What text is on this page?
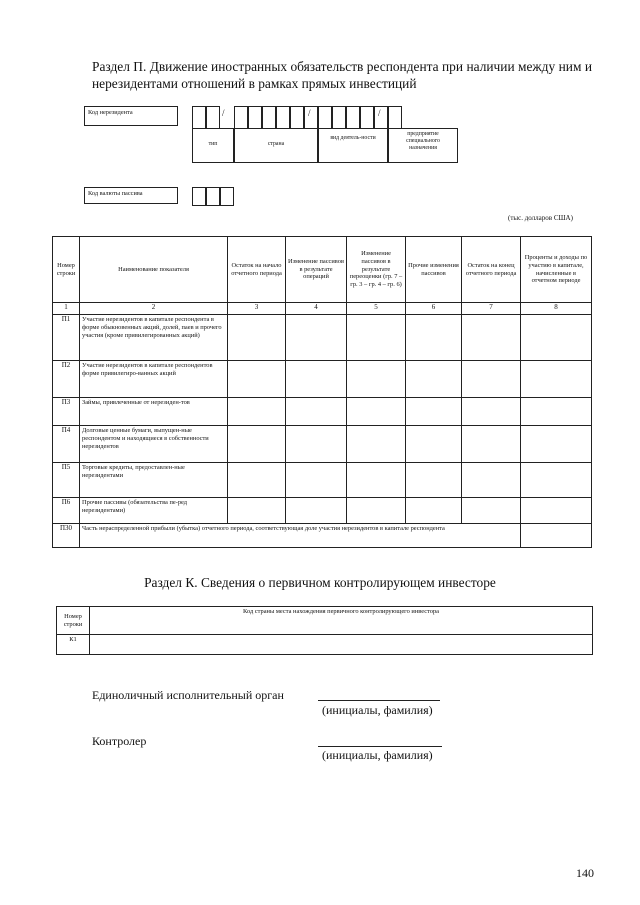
Раздел П. Движение иностранных обязательств респондента при наличии между ним и нерезидентами отношений в рамках прямых инвестиций
Код нерезидента	/	/	/
тип	страна
вид деятель-ности
предприятие специального назначения
Код валюты пассива
(тыс. долларов США)
Номер строки	Наименование показателя	Остаток на начало отчетного периода	Изменение пассивов в результате операций	Изменение пассивов в результате переоценки (гр. 7 – гр. 3 – гр. 4 – гр. 6)	Прочие изменения пассивов	Остаток на конец отчетного периода	Проценты и доходы по участию в капитале, начисленные в отчетном периоде
1	2	3	4	5	6	7	8
П1	Участие нерезидентов в капитале респондента в форме обыкновенных акций, долей, паев и прочего участия (кроме привилегированных акций)						
П2	Участие нерезидентов в капитале респондентов форме привилегиро-ванных акций						
П3	Займы, привлеченные от нерезиден-тов						
П4	Долговые ценные бумаги, выпущен-ные респондентом и находящиеся в собственности нерезидентов						
П5	Торговые кредиты, предоставлен-ные нерезидентами						
П6	Прочие пассивы (обязательства пе-ред нерезидентами)						
П30	Часть нераспределенной прибыли (убытка) отчетного периода, соответствующая доле участия нерезидентов в капитале респондента						
Раздел К. Сведения о первичном контролирующем инвесторе
Номер строки	Код страны места нахождения первичного контролирующего инвестора
К1	
Единоличный исполнительный орган
(инициалы, фамилия)
Контролер
(инициалы, фамилия)
140
